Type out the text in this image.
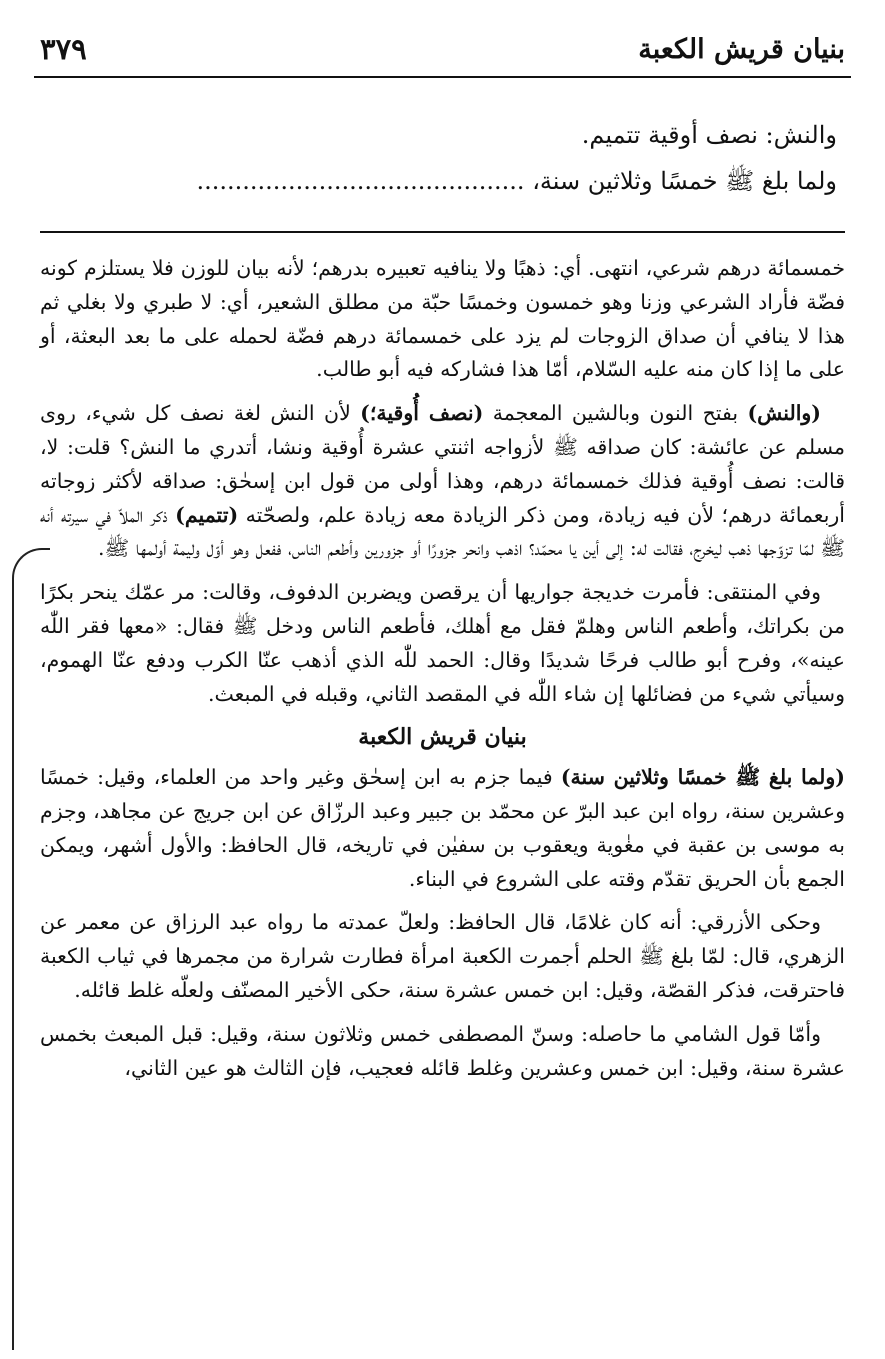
بنيان قريش الكعبة
٣٧٩
والنش: نصف أوقية تتميم.
ولما بلغ ﷺ خمسًا وثلاثين سنة، ...........................................

خمسمائة درهم شرعي، انتهى. أي: ذهبًا ولا ينافيه تعبيره بدرهم؛ لأنه بيان للوزن فلا يستلزم كونه فضّة فأراد الشرعي وزنا وهو خمسون وخمسًا حبّة من مطلق الشعير، أي: لا طبري ولا بغلي ثم هذا لا ينافي أن صداق الزوجات لم يزد على خمسمائة درهم فضّة لحمله على ما بعد البعثة، أو على ما إذا كان منه عليه السّلام، أمّا هذا فشاركه فيه أبو طالب.

(والنش) بفتح النون وبالشين المعجمة (نصف أُوقية؛) لأن النش لغة نصف كل شيء، روى مسلم عن عائشة: كان صداقه ﷺ لأزواجه اثنتي عشرة أُوقية ونشا، أتدري ما النش؟ قلت: لا، قالت: نصف أُوقية فذلك خمسمائة درهم، وهذا أولى من قول ابن إسحٰق: صداقه لأكثر زوجاته أربعمائة درهم؛ لأن فيه زيادة، ومن ذكر الزيادة معه زيادة علم، ولصحّته (تتميم) ذكر الملاّ في سيرته أنه ﷺ لمّا تزوّجها ذهب ليخرج، فقالت له: إلى أين يا محمّد؟ اذهب وانحر جزورًا أو جزورين وأطعم الناس، ففعل وهو أوّل وليمة أولمها ﷺ.

وفي المنتقى: فأمرت خديجة جواريها أن يرقصن ويضربن الدفوف، وقالت: مر عمّك ينحر بكرًا من بكراتك، وأطعم الناس وهلمّ فقل مع أهلك، فأطعم الناس ودخل ﷺ فقال: «معها فقر اللّٰه عينه»، وفرح أبو طالب فرحًا شديدًا وقال: الحمد للّٰه الذي أذهب عنّا الكرب ودفع عنّا الهموم، وسيأتي شيء من فضائلها إن شاء اللّٰه في المقصد الثاني، وقبله في المبعث.

بنيان قريش الكعبة

(ولما بلغ ﷺ خمسًا وثلاثين سنة) فيما جزم به ابن إسحٰق وغير واحد من العلماء، وقيل: خمسًا وعشرين سنة، رواه ابن عبد البرّ عن محمّد بن جبير وعبد الرزّاق عن ابن جريج عن مجاهد، وجزم به موسى بن عقبة في مغٰوية ويعقوب بن سفيٰن في تاريخه، قال الحافظ: والأول أشهر، ويمكن الجمع بأن الحريق تقدّم وقته على الشروع في البناء.

وحكى الأزرقي: أنه كان غلامًا، قال الحافظ: ولعلّ عمدته ما رواه عبد الرزاق عن معمر عن الزهري، قال: لمّا بلغ ﷺ الحلم أجمرت الكعبة امرأة فطارت شرارة من مجمرها في ثياب الكعبة فاحترقت، فذكر القصّة، وقيل: ابن خمس عشرة سنة، حكى الأخير المصنّف ولعلّه غلط قائله.

وأمّا قول الشامي ما حاصله: وسنّ المصطفى خمس وثلاثون سنة، وقيل: قبل المبعث بخمس عشرة سنة، وقيل: ابن خمس وعشرين وغلط قائله فعجيب، فإن الثالث هو عين الثاني،
